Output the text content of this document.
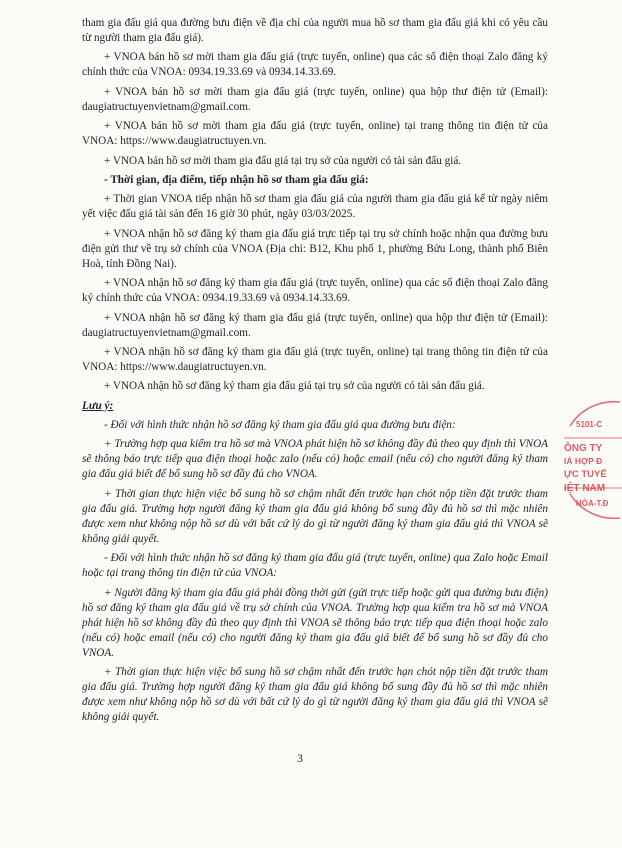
tham gia đấu giá qua đường bưu điện về địa chỉ của người mua hồ sơ tham gia đấu giá khi có yêu cầu từ người tham gia đấu giá).

+ VNOA bán hồ sơ mời tham gia đấu giá (trực tuyến, online) qua các số điện thoại Zalo đăng ký chính thức của VNOA: 0934.19.33.69 và 0934.14.33.69.

+ VNOA bán hồ sơ mời tham gia đấu giá (trực tuyến, online) qua hộp thư điện tử (Email): daugiatructuyenvietnam@gmail.com.

+ VNOA bán hồ sơ mời tham gia đấu giá (trực tuyến, online) tại trang thông tin điện tử của VNOA: https://www.daugiatructuyen.vn.

+ VNOA bán hồ sơ mời tham gia đấu giá tại trụ sở của người có tài sản đấu giá.

- Thời gian, địa điểm, tiếp nhận hồ sơ tham gia đấu giá:

+ Thời gian VNOA tiếp nhận hồ sơ tham gia đấu giá của người tham gia đấu giá kể từ ngày niêm yết việc đấu giá tài sản đến 16 giờ 30 phút, ngày 03/03/2025.

+ VNOA nhận hồ sơ đăng ký tham gia đấu giá trực tiếp tại trụ sở chính hoặc nhận qua đường bưu điện gửi thư về trụ sở chính của VNOA (Địa chỉ: B12, Khu phố 1, phường Bửu Long, thành phố Biên Hoà, tỉnh Đồng Nai).

+ VNOA nhận hồ sơ đăng ký tham gia đấu giá (trực tuyến, online) qua các số điện thoại Zalo đăng ký chính thức của VNOA: 0934.19.33.69 và 0934.14.33.69.

+ VNOA nhận hồ sơ đăng ký tham gia đấu giá (trực tuyến, online) qua hộp thư điện tử (Email): daugiatructuyenvietnam@gmail.com.

+ VNOA nhận hồ sơ đăng ký tham gia đấu giá (trực tuyến, online) tại trang thông tin điện tử của VNOA: https://www.daugiatructuyen.vn.

+ VNOA nhận hồ sơ đăng ký tham gia đấu giá tại trụ sở của người có tài sản đấu giá.

Lưu ý:

- Đối với hình thức nhận hồ sơ đăng ký tham gia đấu giá qua đường bưu điện:

+ Trường hợp qua kiểm tra hồ sơ mà VNOA phát hiện hồ sơ không đầy đủ theo quy định thì VNOA sẽ thông báo trực tiếp qua điện thoại hoặc zalo (nếu có) hoặc email (nếu có) cho người đăng ký tham gia đấu giá biết để bổ sung hồ sơ đầy đủ cho VNOA.

+ Thời gian thực hiện việc bổ sung hồ sơ chậm nhất đến trước hạn chót nộp tiền đặt trước tham gia đấu giá. Trường hợp người đăng ký tham gia đấu giá không bổ sung đầy đủ hồ sơ thì mặc nhiên được xem như không nộp hồ sơ dù với bất cứ lý do gì từ người đăng ký tham gia đấu giá thì VNOA sẽ không giải quyết.

- Đối với hình thức nhận hồ sơ đăng ký tham gia đấu giá (trực tuyến, online) qua Zalo hoặc Email hoặc tại trang thông tin điện tử của VNOA:

+ Người đăng ký tham gia đấu giá phải đồng thời gửi (gửi trực tiếp hoặc gửi qua đường bưu điện) hồ sơ đăng ký tham gia đấu giá về trụ sở chính của VNOA. Trường hợp qua kiểm tra hồ sơ mà VNOA phát hiện hồ sơ không đầy đủ theo quy định thì VNOA sẽ thông báo trực tiếp qua điện thoại hoặc zalo (nếu có) hoặc email (nếu có) cho người đăng ký tham gia đấu giá biết để bổ sung hồ sơ đầy đủ cho VNOA.

+ Thời gian thực hiện việc bổ sung hồ sơ chậm nhất đến trước hạn chót nộp tiền đặt trước tham gia đấu giá. Trường hợp người đăng ký tham gia đấu giá không bổ sung đầy đủ hồ sơ thì mặc nhiên được xem như không nộp hồ sơ dù với bất cứ lý do gì từ người đăng ký tham gia đấu giá thì VNOA sẽ không giải quyết.

3
5101-C
ÔNG TY
IÁ HỢP Đ
ỰC TUYẾ
IỆT NAM
HÒA-T.Đ
